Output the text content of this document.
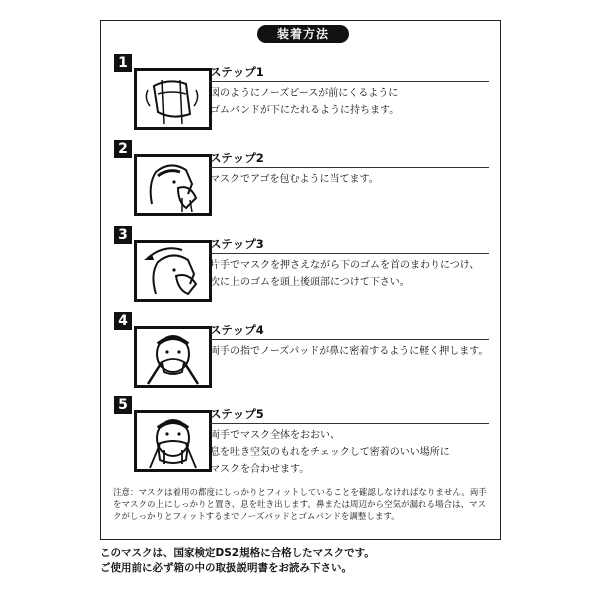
装着方法
1
ステップ1
図のようにノーズピースが前にくるように
ゴムバンドが下にたれるように持ちます。
2
ステップ2
マスクでアゴを包むように当てます。
3
ステップ3
片手でマスクを押さえながら下のゴムを首のまわりにつけ、
次に上のゴムを頭上後頭部につけて下さい。
4
ステップ4
両手の指でノーズパッドが鼻に密着するように軽く押します。
5
ステップ5
両手でマスク全体をおおい、
息を吐き空気のもれをチェックして密着のいい場所に
マスクを合わせます。
注意：マスクは着用の都度にしっかりとフィットしていることを確認しなければなりません。両手をマスクの上にしっかりと置き、息を吐き出します。鼻または周辺から空気が漏れる場合は、マスクがしっかりとフィットするまでノーズパッドとゴムバンドを調整します。
このマスクは、国家検定DS2規格に合格したマスクです。
ご使用前に必ず箱の中の取扱説明書をお読み下さい。
